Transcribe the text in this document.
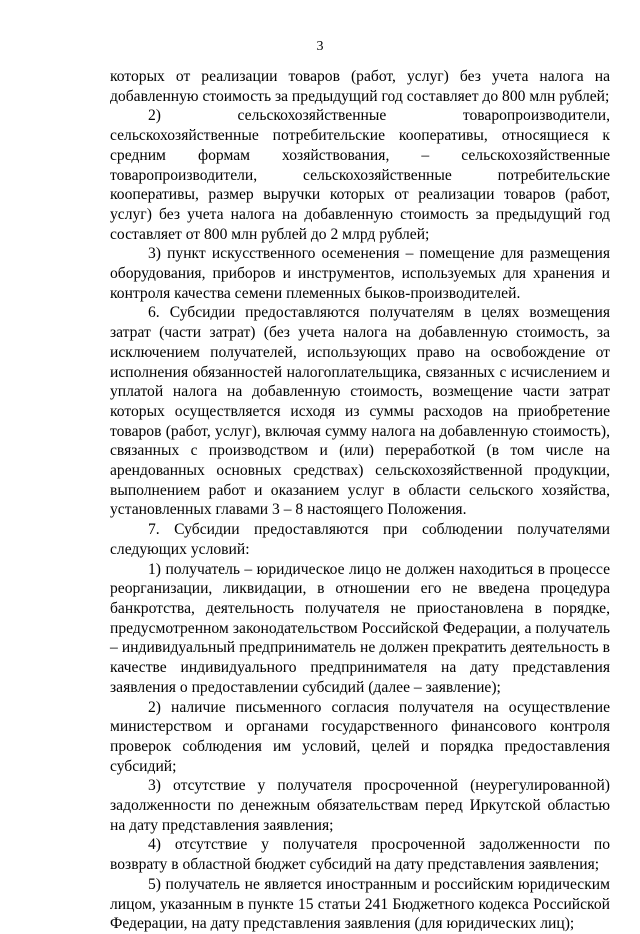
3

которых от реализации товаров (работ, услуг) без учета налога на добавленную стоимость за предыдущий год составляет до 800 млн рублей;

2) сельскохозяйственные товаропроизводители, сельскохозяйственные потребительские кооперативы, относящиеся к средним формам хозяйствования, – сельскохозяйственные товаропроизводители, сельскохозяйственные потребительские кооперативы, размер выручки которых от реализации товаров (работ, услуг) без учета налога на добавленную стоимость за предыдущий год составляет от 800 млн рублей до 2 млрд рублей;

3) пункт искусственного осеменения – помещение для размещения оборудования, приборов и инструментов, используемых для хранения и контроля качества семени племенных быков-производителей.

6. Субсидии предоставляются получателям в целях возмещения затрат (части затрат) (без учета налога на добавленную стоимость, за исключением получателей, использующих право на освобождение от исполнения обязанностей налогоплательщика, связанных с исчислением и уплатой налога на добавленную стоимость, возмещение части затрат которых осуществляется исходя из суммы расходов на приобретение товаров (работ, услуг), включая сумму налога на добавленную стоимость), связанных с производством и (или) переработкой (в том числе на арендованных основных средствах) сельскохозяйственной продукции, выполнением работ и оказанием услуг в области сельского хозяйства, установленных главами 3 – 8 настоящего Положения.

7. Субсидии предоставляются при соблюдении получателями следующих условий:

1) получатель – юридическое лицо не должен находиться в процессе реорганизации, ликвидации, в отношении его не введена процедура банкротства, деятельность получателя не приостановлена в порядке, предусмотренном законодательством Российской Федерации, а получатель – индивидуальный предприниматель не должен прекратить деятельность в качестве индивидуального предпринимателя на дату представления заявления о предоставлении субсидий (далее – заявление);

2) наличие письменного согласия получателя на осуществление министерством и органами государственного финансового контроля проверок соблюдения им условий, целей и порядка предоставления субсидий;

3) отсутствие у получателя просроченной (неурегулированной) задолженности по денежным обязательствам перед Иркутской областью на дату представления заявления;

4) отсутствие у получателя просроченной задолженности по возврату в областной бюджет субсидий на дату представления заявления;

5) получатель не является иностранным и российским юридическим лицом, указанным в пункте 15 статьи 241 Бюджетного кодекса Российской Федерации, на дату представления заявления (для юридических лиц);
